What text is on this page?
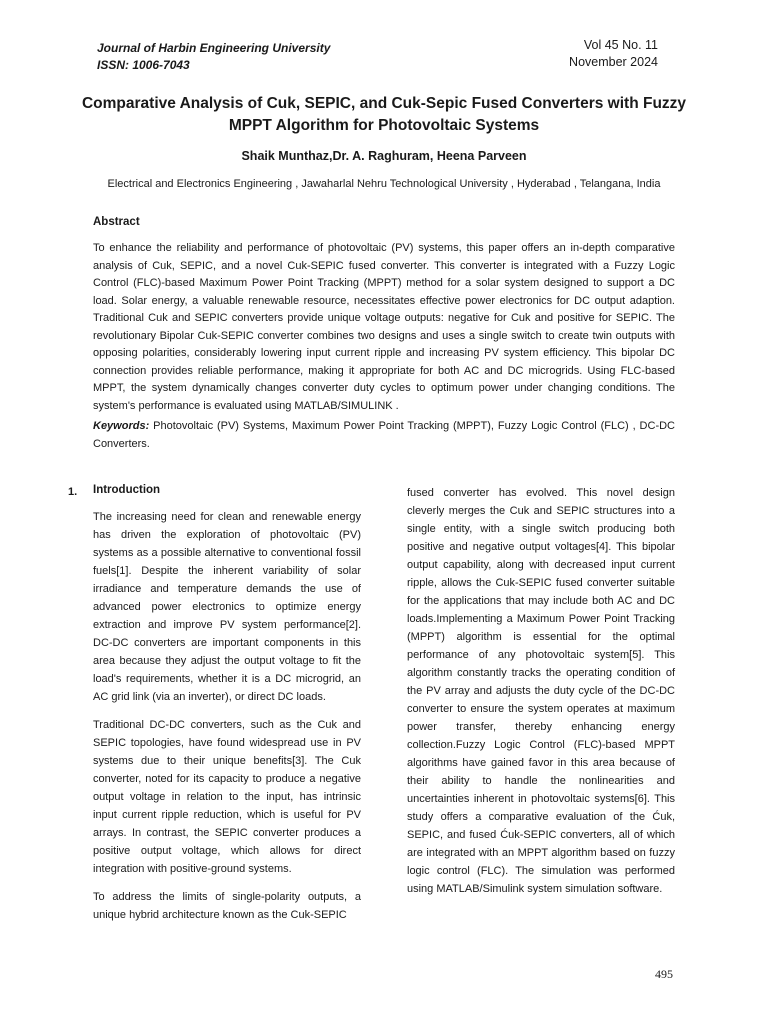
Journal of Harbin Engineering University
ISSN: 1006-7043
Vol 45 No. 11
November 2024
Comparative Analysis of Cuk, SEPIC, and Cuk-Sepic Fused Converters with Fuzzy MPPT Algorithm for Photovoltaic Systems
Shaik Munthaz,Dr. A. Raghuram, Heena Parveen
Electrical and Electronics Engineering , Jawaharlal Nehru Technological University , Hyderabad , Telangana, India
Abstract

To enhance the reliability and performance of photovoltaic (PV) systems, this paper offers an in-depth comparative analysis of Cuk, SEPIC, and a novel Cuk-SEPIC fused converter. This converter is integrated with a Fuzzy Logic Control (FLC)-based Maximum Power Point Tracking (MPPT) method for a solar system designed to support a DC load. Solar energy, a valuable renewable resource, necessitates effective power electronics for DC output adaption. Traditional Cuk and SEPIC converters provide unique voltage outputs: negative for Cuk and positive for SEPIC. The revolutionary Bipolar Cuk-SEPIC converter combines two designs and uses a single switch to create twin outputs with opposing polarities, considerably lowering input current ripple and increasing PV system efficiency. This bipolar DC connection provides reliable performance, making it appropriate for both AC and DC microgrids. Using FLC-based MPPT, the system dynamically changes converter duty cycles to optimum power under changing conditions. The system's performance is evaluated using MATLAB/SIMULINK .

Keywords: Photovoltaic (PV) Systems, Maximum Power Point Tracking (MPPT), Fuzzy Logic Control (FLC) , DC-DC Converters.

1. Introduction

The increasing need for clean and renewable energy has driven the exploration of photovoltaic (PV) systems as a possible alternative to conventional fossil fuels[1]. Despite the inherent variability of solar irradiance and temperature demands the use of advanced power electronics to optimize energy extraction and improve PV system performance[2]. DC-DC converters are important components in this area because they adjust the output voltage to fit the load's requirements, whether it is a DC microgrid, an AC grid link (via an inverter), or direct DC loads.

Traditional DC-DC converters, such as the Cuk and SEPIC topologies, have found widespread use in PV systems due to their unique benefits[3]. The Cuk converter, noted for its capacity to produce a negative output voltage in relation to the input, has intrinsic input current ripple reduction, which is useful for PV arrays. In contrast, the SEPIC converter produces a positive output voltage, which allows for direct integration with positive-ground systems.

To address the limits of single-polarity outputs, a unique hybrid architecture known as the Cuk-SEPIC

fused converter has evolved. This novel design cleverly merges the Cuk and SEPIC structures into a single entity, with a single switch producing both positive and negative output voltages[4]. This bipolar output capability, along with decreased input current ripple, allows the Cuk-SEPIC fused converter suitable for the applications that may include both AC and DC loads.Implementing a Maximum Power Point Tracking (MPPT) algorithm is essential for the optimal performance of any photovoltaic system[5]. This algorithm constantly tracks the operating condition of the PV array and adjusts the duty cycle of the DC-DC converter to ensure the system operates at maximum power transfer, thereby enhancing energy collection.Fuzzy Logic Control (FLC)-based MPPT algorithms have gained favor in this area because of their ability to handle the nonlinearities and uncertainties inherent in photovoltaic systems[6]. This study offers a comparative evaluation of the Ćuk, SEPIC, and fused Ćuk-SEPIC converters, all of which are integrated with an MPPT algorithm based on fuzzy logic control (FLC). The simulation was performed using MATLAB/Simulink system simulation software.

495
